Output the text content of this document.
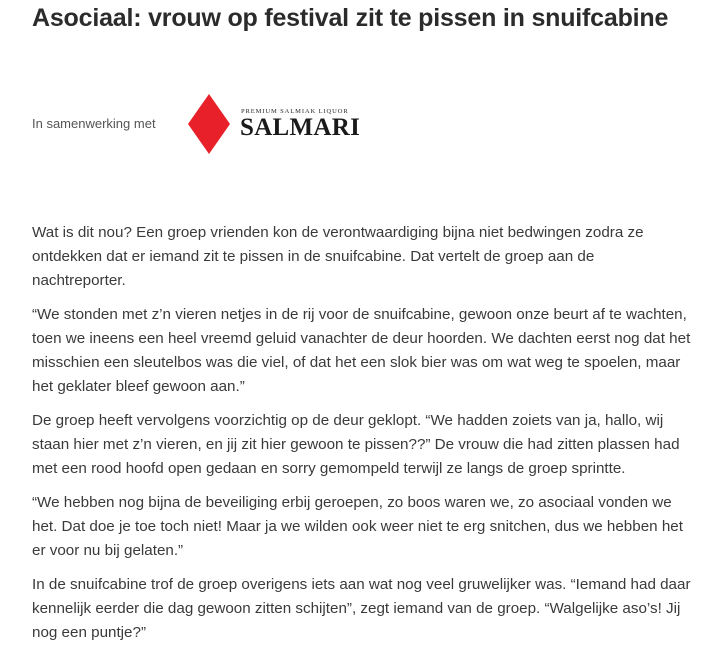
Asociaal: vrouw op festival zit te pissen in snuifcabine
In samenwerking met
PREMIUM SALMIAK LIQUOR
SALMARI

Wat is dit nou? Een groep vrienden kon de verontwaardiging bijna niet bedwingen zodra ze ontdekken dat er iemand zit te pissen in de snuifcabine. Dat vertelt de groep aan de nachtreporter.

“We stonden met z’n vieren netjes in de rij voor de snuifcabine, gewoon onze beurt af te wachten, toen we ineens een heel vreemd geluid vanachter de deur hoorden. We dachten eerst nog dat het misschien een sleutelbos was die viel, of dat het een slok bier was om wat weg te spoelen, maar het geklater bleef gewoon aan.”

De groep heeft vervolgens voorzichtig op de deur geklopt. “We hadden zoiets van ja, hallo, wij staan hier met z’n vieren, en jij zit hier gewoon te pissen??” De vrouw die had zitten plassen had met een rood hoofd open gedaan en sorry gemompeld terwijl ze langs de groep sprintte.

“We hebben nog bijna de beveiliging erbij geroepen, zo boos waren we, zo asociaal vonden we het. Dat doe je toe toch niet! Maar ja we wilden ook weer niet te erg snitchen, dus we hebben het er voor nu bij gelaten.”

In de snuifcabine trof de groep overigens iets aan wat nog veel gruwelijker was. “Iemand had daar kennelijk eerder die dag gewoon zitten schijten”, zegt iemand van de groep. “Walgelijke aso’s! Jij nog een puntje?”
